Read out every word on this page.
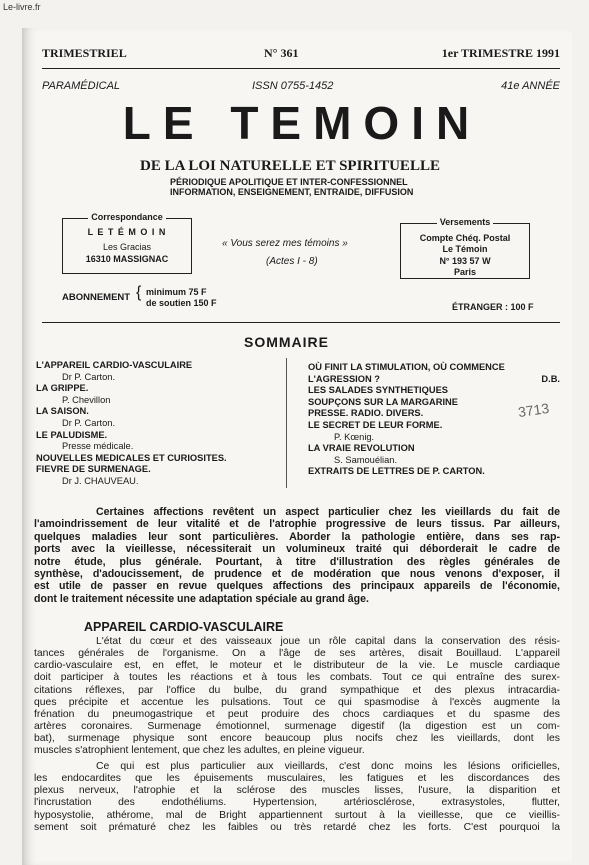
Le-livre.fr
TRIMESTRIEL	N° 361	1er TRIMESTRE 1991
PARAMÉDICAL	ISSN 0755-1452	41e ANNÉE
LE TEMOIN
DE LA LOI NATURELLE ET SPIRITUELLE
PÉRIODIQUE APOLITIQUE ET INTER-CONFESSIONNEL
INFORMATION, ENSEIGNEMENT, ENTRAIDE, DIFFUSION
Correspondance
L E T É M O I N
Les Gracias
16310 MASSIGNAC
« Vous serez mes témoins »
(Actes I - 8)
Versements
Compte Chéq. Postal
Le Témoin
N° 193 57 W
Paris
ABONNEMENT { minimum 75 F
de soutien 150 F	ÉTRANGER : 100 F
SOMMAIRE
L'APPAREIL CARDIO-VASCULAIRE
Dr P. Carton.
LA GRIPPE.
P. Chevillon
LA SAISON.
Dr P. Carton.
LE PALUDISME.
Presse médicale.
NOUVELLES MEDICALES ET CURIOSITES.
FIEVRE DE SURMENAGE.
Dr J. CHAUVEAU.
OÙ FINIT LA STIMULATION, OÙ COMMENCE
L'AGRESSION ?	D.B.
LES SALADES SYNTHETIQUES
SOUPÇONS SUR LA MARGARINE
PRESSE. RADIO. DIVERS.
LE SECRET DE LEUR FORME.
P. Kœnig.
LA VRAIE REVOLUTION
S. Samouélian.
EXTRAITS DE LETTRES DE P. CARTON.
3713
Certaines affections revêtent un aspect particulier chez les vieillards du fait de
l'amoindrissement de leur vitalité et de l'atrophie progressive de leurs tissus. Par ailleurs,
quelques maladies leur sont particulières. Aborder la pathologie entière, dans ses rap-
ports avec la vieillesse, nécessiterait un volumineux traité qui déborderait le cadre de
notre étude, plus générale. Pourtant, à titre d'illustration des règles générales de
synthèse, d'adoucissement, de prudence et de modération que nous venons d'exposer, il
est utile de passer en revue quelques affections des principaux appareils de l'économie,
dont le traitement nécessite une adaptation spéciale au grand âge.
APPAREIL CARDIO-VASCULAIRE
L'état du cœur et des vaisseaux joue un rôle capital dans la conservation des résis-
tances générales de l'organisme. On a l'âge de ses artères, disait Bouillaud. L'appareil
cardio-vasculaire est, en effet, le moteur et le distributeur de la vie. Le muscle cardiaque
doit participer à toutes les réactions et à tous les combats. Tout ce qui entraîne des surex-
citations réflexes, par l'office du bulbe, du grand sympathique et des plexus intracardia-
ques précipite et accentue les pulsations. Tout ce qui spasmodise à l'excès augmente la
frénation du pneumogastrique et peut produire des chocs cardiaques et du spasme des
artères coronaires. Surmenage émotionnel, surmenage digestif (la digestion est un com-
bat), surmenage physique sont encore beaucoup plus nocifs chez les vieillards, dont les
muscles s'atrophient lentement, que chez les adultes, en pleine vigueur.
Ce qui est plus particulier aux vieillards, c'est donc moins les lésions orificielles,
les endocardites que les épuisements musculaires, les fatigues et les discordances des
plexus nerveux, l'atrophie et la sclérose des muscles lisses, l'usure, la disparition et
l'incrustation des endothéliums. Hypertension, artériosclérose, extrasystoles, flutter,
hyposystolie, athérome, mal de Bright appartiennent surtout à la vieillesse, que ce vieillis-
sement soit prématuré chez les faibles ou très retardé chez les forts. C'est pourquoi la
